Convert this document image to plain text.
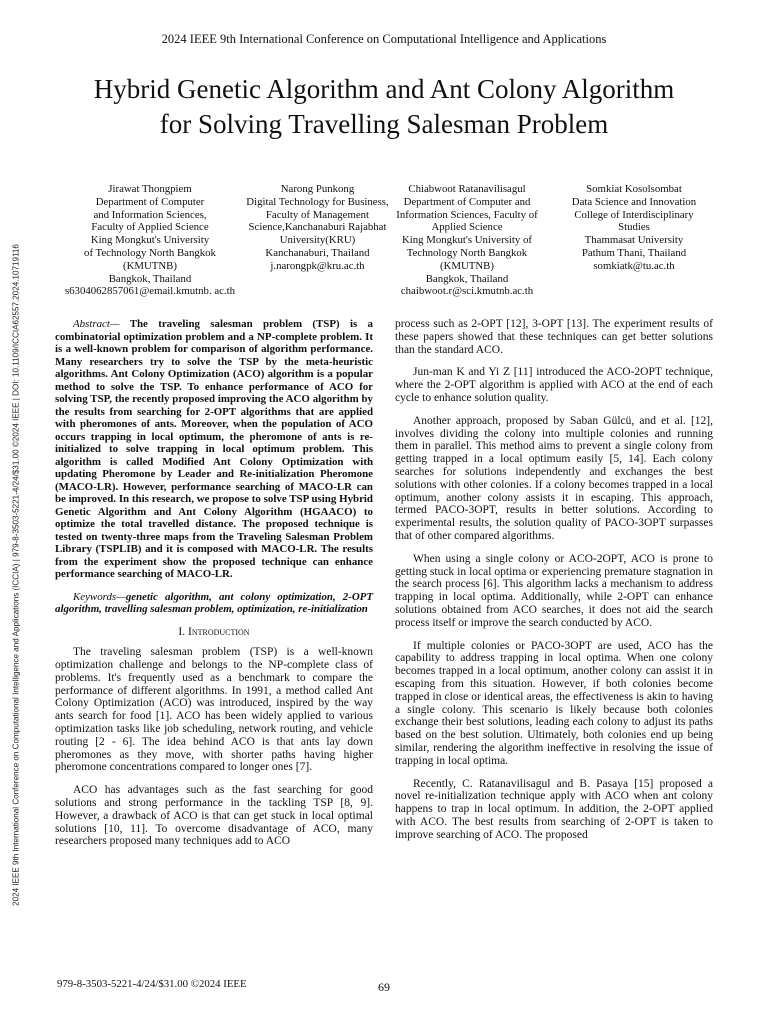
2024 IEEE 9th International Conference on Computational Intelligence and Applications
Hybrid Genetic Algorithm and Ant Colony Algorithm
for Solving Travelling Salesman Problem
2024 IEEE 9th International Conference on Computational Intelligence and Applications (ICCIA) | 979-8-3503-5221-4/24/$31.00 ©2024 IEEE | DOI: 10.1109/ICCIA62557.2024.10719116
Jirawat Thongpiem
Department of Computer
and Information Sciences,
Faculty of Applied Science
King Mongkut's University
of Technology North Bangkok
(KMUTNB)
Bangkok, Thailand
s6304062857061@email.kmutnb. ac.th
Narong Punkong
Digital Technology for Business,
Faculty of Management
Science,Kanchanaburi Rajabhat
University(KRU)
Kanchanaburi, Thailand
j.narongpk@kru.ac.th
Chiabwoot Ratanavilisagul
Department of Computer and
Information Sciences, Faculty of
Applied Science
King Mongkut's University of
Technology North Bangkok
(KMUTNB)
Bangkok, Thailand
chaibwoot.r@sci.kmutnb.ac.th
Somkiat Kosolsombat
Data Science and Innovation
College of Interdisciplinary
Studies
Thammasat University
Pathum Thani, Thailand
somkiatk@tu.ac.th

Abstract— The traveling salesman problem (TSP) is a combinatorial optimization problem and a NP-complete problem. It is a well-known problem for comparison of algorithm performance. Many researchers try to solve the TSP by the meta-heuristic algorithms. Ant Colony Optimization (ACO) algorithm is a popular method to solve the TSP. To enhance performance of ACO for solving TSP, the recently proposed improving the ACO algorithm by the results from searching for 2-OPT algorithms that are applied with pheromones of ants. Moreover, when the population of ACO occurs trapping in local optimum, the pheromone of ants is re-initialized to solve trapping in local optimum problem. This algorithm is called Modified Ant Colony Optimization with updating Pheromone by Leader and Re-initialization Pheromone (MACO-LR). However, performance searching of MACO-LR can be improved. In this research, we propose to solve TSP using Hybrid Genetic Algorithm and Ant Colony Algorithm (HGAACO) to optimize the total travelled distance. The proposed technique is tested on twenty-three maps from the Traveling Salesman Problem Library (TSPLIB) and it is composed with MACO-LR. The results from the experiment show the proposed technique can enhance performance searching of MACO-LR.

Keywords—genetic algorithm, ant colony optimization, 2-OPT algorithm, travelling salesman problem, optimization, re-initialization

I. Introduction

The traveling salesman problem (TSP) is a well-known optimization challenge and belongs to the NP-complete class of problems. It's frequently used as a benchmark to compare the performance of different algorithms. In 1991, a method called Ant Colony Optimization (ACO) was introduced, inspired by the way ants search for food [1]. ACO has been widely applied to various optimization tasks like job scheduling, network routing, and vehicle routing [2 - 6]. The idea behind ACO is that ants lay down pheromones as they move, with shorter paths having higher pheromone concentrations compared to longer ones [7].

ACO has advantages such as the fast searching for good solutions and strong performance in the tackling TSP [8, 9]. However, a drawback of ACO is that can get stuck in local optimal solutions [10, 11]. To overcome disadvantage of ACO, many researchers proposed many techniques add to ACO

process such as 2-OPT [12], 3-OPT [13]. The experiment results of these papers showed that these techniques can get better solutions than the standard ACO.

Jun-man K and Yi Z [11] introduced the ACO-2OPT technique, where the 2-OPT algorithm is applied with ACO at the end of each cycle to enhance solution quality.

Another approach, proposed by Saban Gülcü, and et al. [12], involves dividing the colony into multiple colonies and running them in parallel. This method aims to prevent a single colony from getting trapped in a local optimum easily [5, 14]. Each colony searches for solutions independently and exchanges the best solutions with other colonies. If a colony becomes trapped in a local optimum, another colony assists it in escaping. This approach, termed PACO-3OPT, results in better solutions. According to experimental results, the solution quality of PACO-3OPT surpasses that of other compared algorithms.

When using a single colony or ACO-2OPT, ACO is prone to getting stuck in local optima or experiencing premature stagnation in the search process [6]. This algorithm lacks a mechanism to address trapping in local optima. Additionally, while 2-OPT can enhance solutions obtained from ACO searches, it does not aid the search process itself or improve the search conducted by ACO.

If multiple colonies or PACO-3OPT are used, ACO has the capability to address trapping in local optima. When one colony becomes trapped in a local optimum, another colony can assist it in escaping from this situation. However, if both colonies become trapped in close or identical areas, the effectiveness is akin to having a single colony. This scenario is likely because both colonies exchange their best solutions, leading each colony to adjust its paths based on the best solution. Ultimately, both colonies end up being similar, rendering the algorithm ineffective in resolving the issue of trapping in local optima.

Recently, C. Ratanavilisagul and B. Pasaya [15] proposed a novel re-initialization technique apply with ACO when ant colony happens to trap in local optimum. In addition, the 2-OPT applied with ACO. The best results from searching of 2-OPT is taken to improve searching of ACO. The proposed

979-8-3503-5221-4/24/$31.00 ©2024 IEEE	69
